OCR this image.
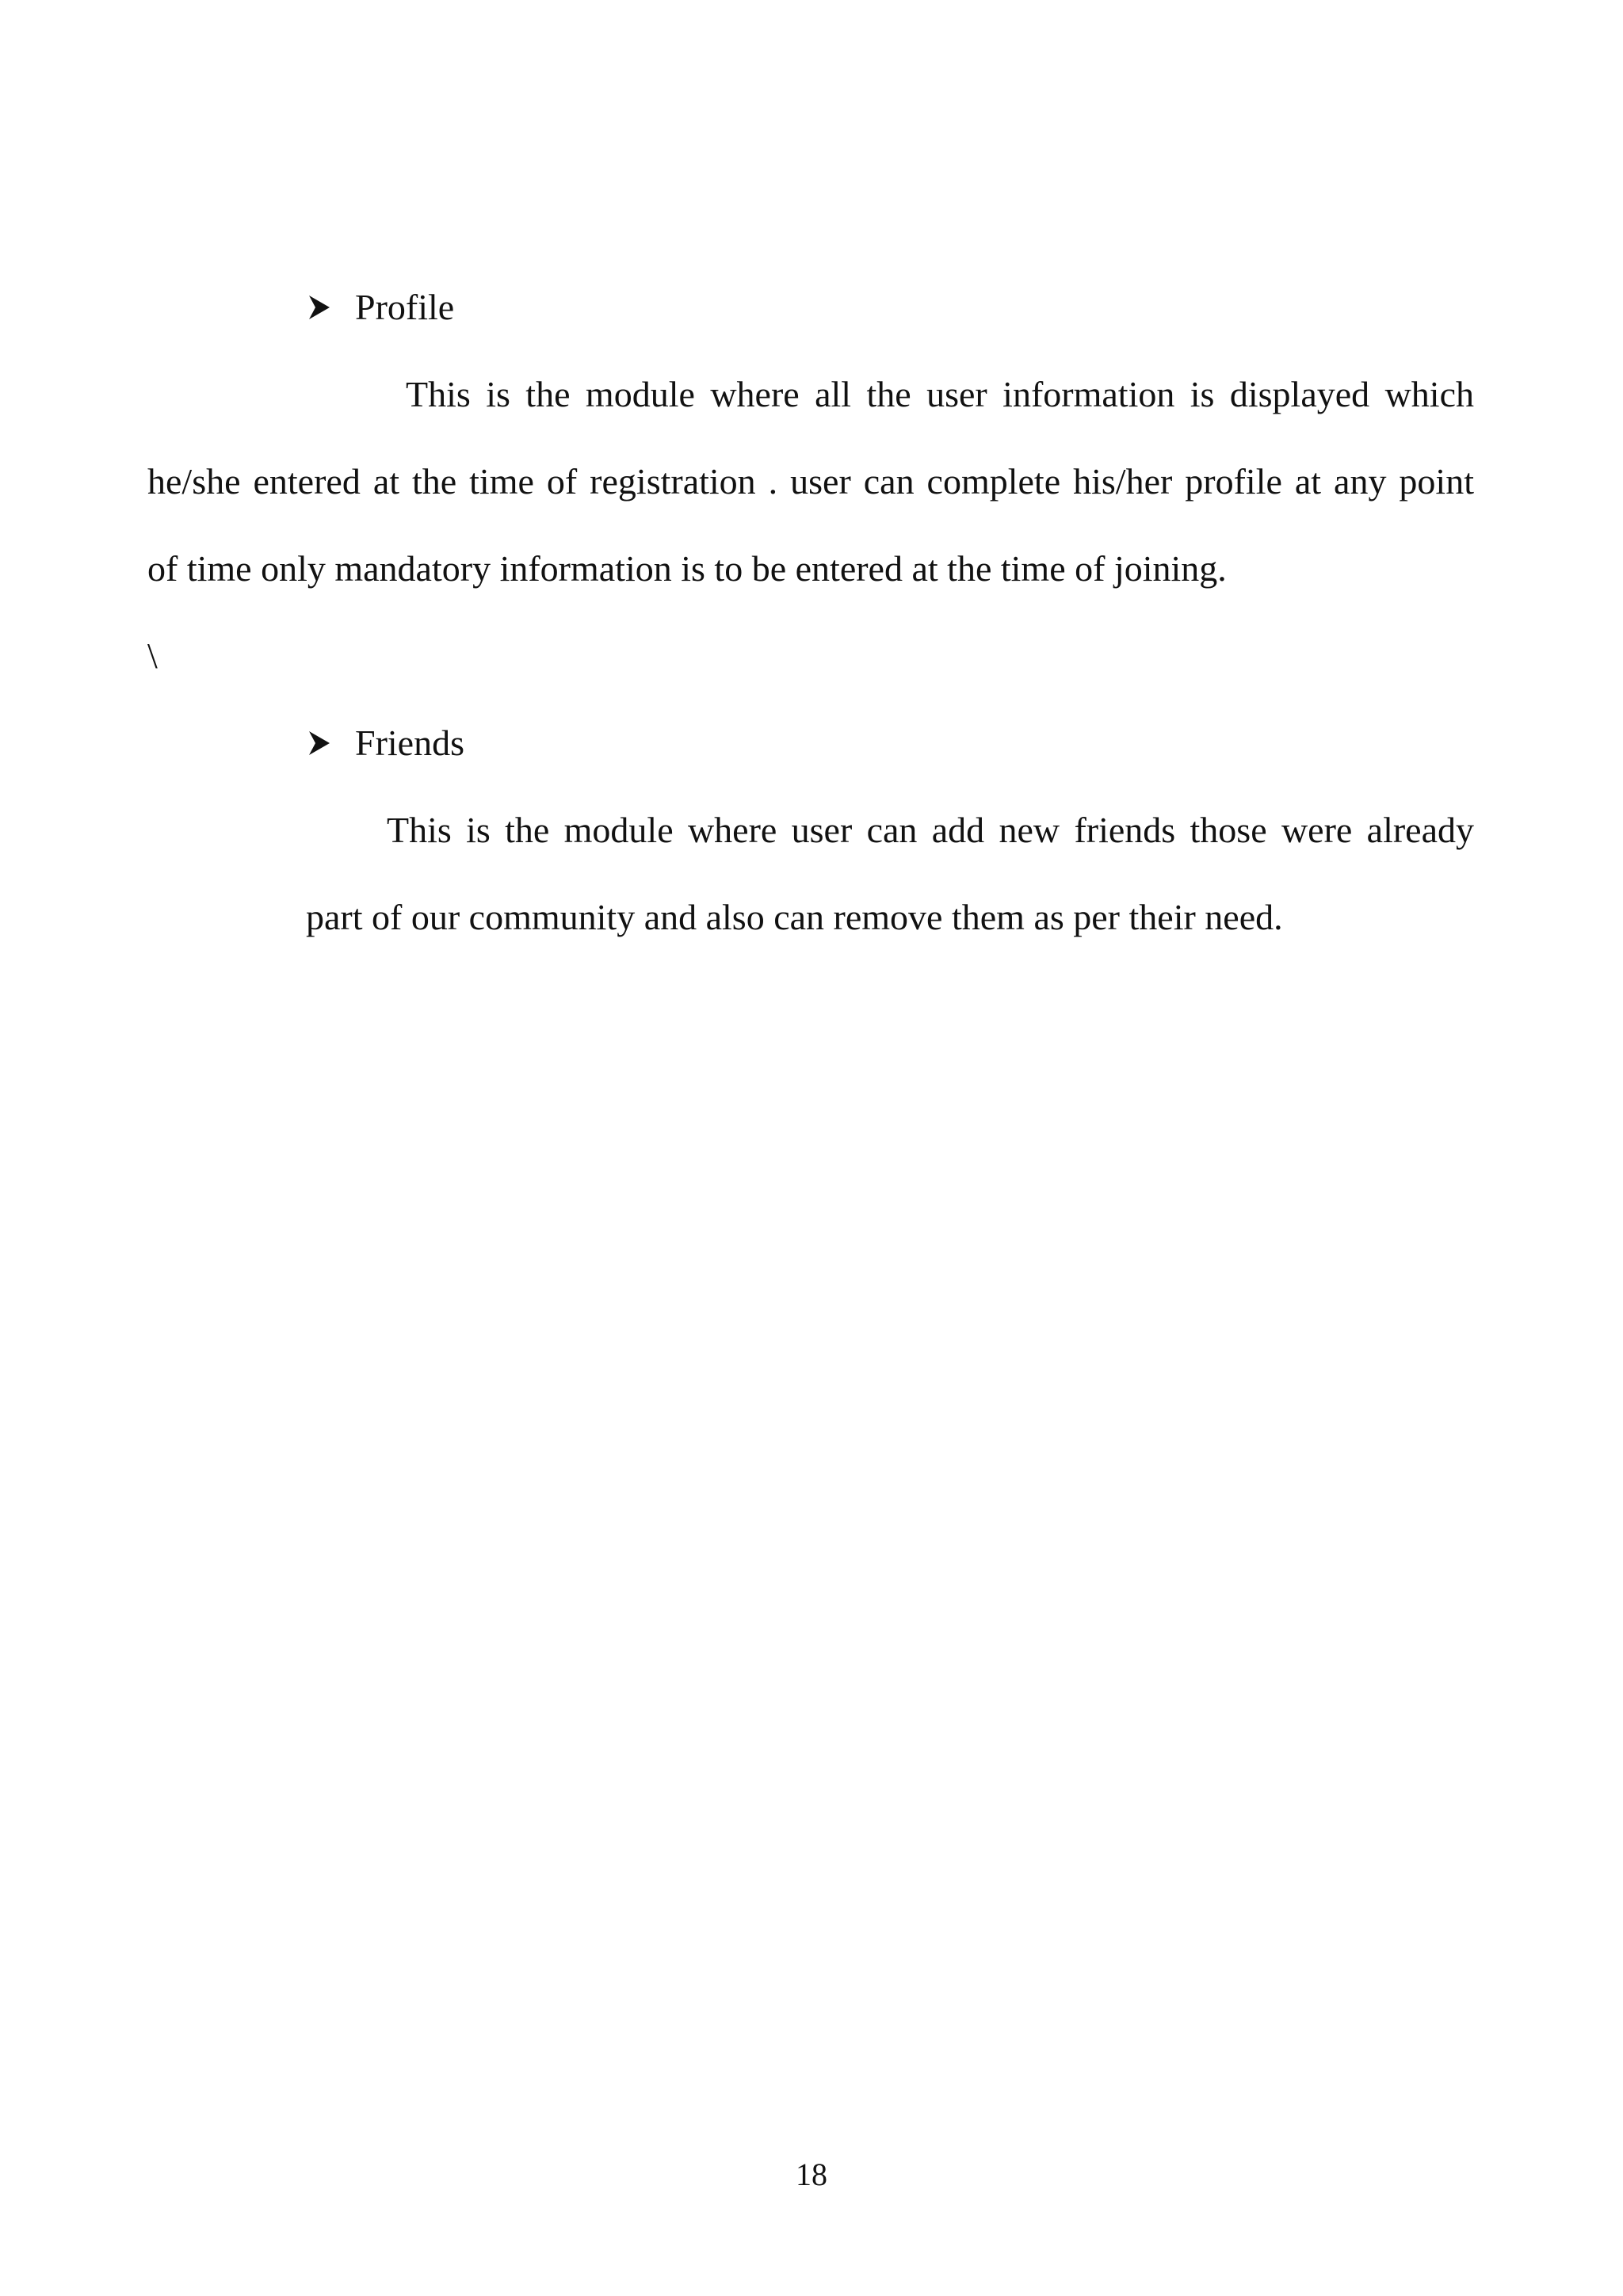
Profile
This is the module where all the user information is displayed which
he/she entered at the time of registration . user can complete his/her profile at any point
of time only mandatory information is to be entered at the time of joining.
\
Friends
This is the module where user can add new friends those were already
part of our community and also can remove them as per their need.
18
